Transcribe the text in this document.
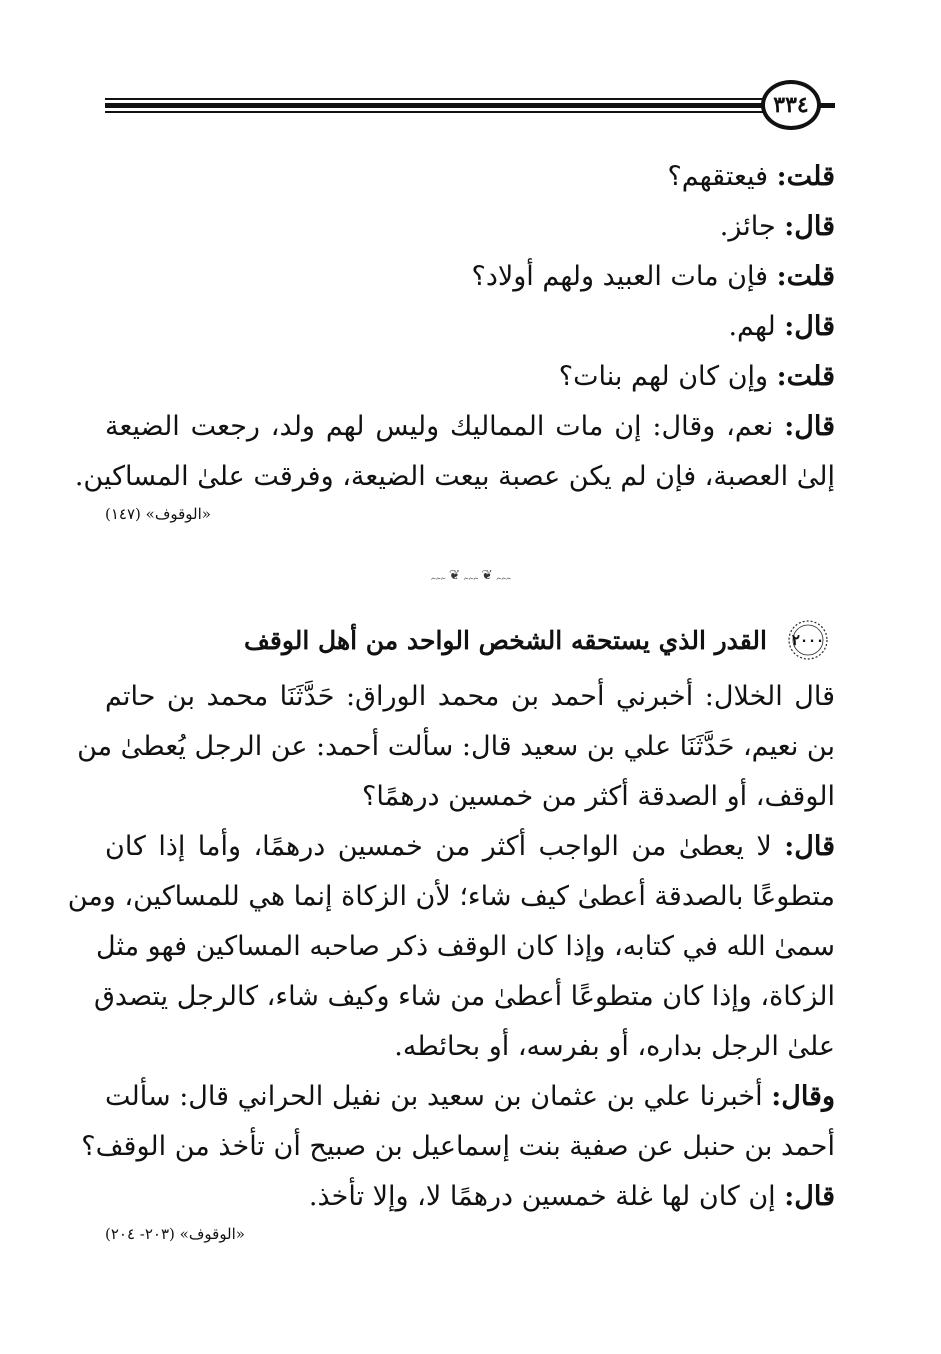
٣٣٤
قلت: فيعتقهم؟
قال: جائز.
قلت: فإن مات العبيد ولهم أولاد؟
قال: لهم.
قلت: وإن كان لهم بنات؟
قال: نعم، وقال: إن مات المماليك وليس لهم ولد، رجعت الضيعة
إلىٰ العصبة، فإن لم يكن عصبة بيعت الضيعة، وفرقت علىٰ المساكين.
«الوقوف» (١٤٧)
ﮧﮧﮧ ❦ ﮧﮧﮧ ❦ ﮧﮧﮧ
٢٠٠٠
القدر الذي يستحقه الشخص الواحد من أهل الوقف
قال الخلال: أخبرني أحمد بن محمد الوراق: حَدَّثَنَا محمد بن حاتم
بن نعيم، حَدَّثَنَا علي بن سعيد قال: سألت أحمد: عن الرجل يُعطىٰ من
الوقف، أو الصدقة أكثر من خمسين درهمًا؟
قال: لا يعطىٰ من الواجب أكثر من خمسين درهمًا، وأما إذا كان
متطوعًا بالصدقة أعطىٰ كيف شاء؛ لأن الزكاة إنما هي للمساكين، ومن
سمىٰ الله في كتابه، وإذا كان الوقف ذكر صاحبه المساكين فهو مثل
الزكاة، وإذا كان متطوعًا أعطىٰ من شاء وكيف شاء، كالرجل يتصدق
علىٰ الرجل بداره، أو بفرسه، أو بحائطه.
وقال: أخبرنا علي بن عثمان بن سعيد بن نفيل الحراني قال: سألت
أحمد بن حنبل عن صفية بنت إسماعيل بن صبيح أن تأخذ من الوقف؟
قال: إن كان لها غلة خمسين درهمًا لا، وإلا تأخذ.
«الوقوف» (٢٠٣- ٢٠٤)
